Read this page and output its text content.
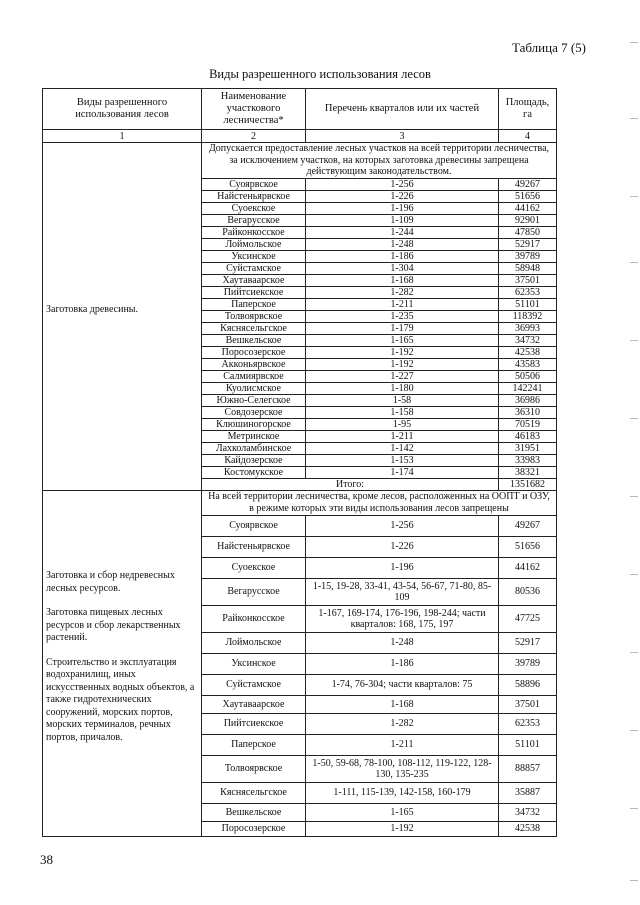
Таблица 7 (5)
Виды разрешенного использования лесов
Виды разрешенного использования лесов	Наименование участкового лесничества*	Перечень кварталов или их частей	Площадь, га
1	2	3	4

Заготовка древесины.	Допускается предоставление лесных участков на всей территории лесничества, за исключением участков, на которых заготовка древесины запрещена действующим законодательством.		
	Суоярвское	1-256	49267
	Найстеньярвское	1-226	51656
	Суоекское	1-196	44162
	Вегарусское	1-109	92901
	Райконкосское	1-244	47850
	Лоймольское	1-248	52917
	Уксинское	1-186	39789
	Суйстамское	1-304	58948
	Хаутаваарское	1-168	37501
	Пийтсиекское	1-282	62353
	Паперское	1-211	51101
	Толвоярвское	1-235	118392
	Кяснясельгское	1-179	36993
	Вешкельское	1-165	34732
	Поросозерское	1-192	42538
	Акконьярвское	1-192	43583
	Салмиярвское	1-227	50506
	Куолисмское	1-180	142241
	Южно-Селегское	1-58	36986
	Совдозерское	1-158	36310
	Клюшиногорское	1-95	70519
	Метринское	1-211	46183
	Лахколамбинское	1-142	31951
	Кайдозерское	1-153	33983
	Костомукское	1-174	38321
	Итого:		1351682

Заготовка и сбор недревесных лесных ресурсов.

Заготовка пищевых лесных ресурсов и сбор лекарственных растений.

Строительство и эксплуатация водохранилищ, иных искусственных водных объектов, а также гидротехнических сооружений, морских портов, морских терминалов, речных портов, причалов.	На всей территории лесничества, кроме лесов, расположенных на ООПТ и ОЗУ, в режиме которых эти виды использования лесов запрещены		
	Суоярвское	1-256	49267
	Найстеньярвское	1-226	51656
	Суоекское	1-196	44162
	Вегарусское	1-15, 19-28, 33-41, 43-54, 56-67, 71-80, 85-109	80536
	Райконкосское	1-167, 169-174, 176-196, 198-244; части кварталов: 168, 175, 197	47725
	Лоймольское	1-248	52917
	Уксинское	1-186	39789
	Суйстамское	1-74, 76-304; части кварталов: 75	58896
	Хаутаваарское	1-168	37501
	Пийтсиекское	1-282	62353
	Паперское	1-211	51101
	Толвоярвское	1-50, 59-68, 78-100, 108-112, 119-122, 128-130, 135-235	88857
	Кяснясельгское	1-111, 115-139, 142-158, 160-179	35887
	Вешкельское	1-165	34732
	Поросозерское	1-192	42538
38
